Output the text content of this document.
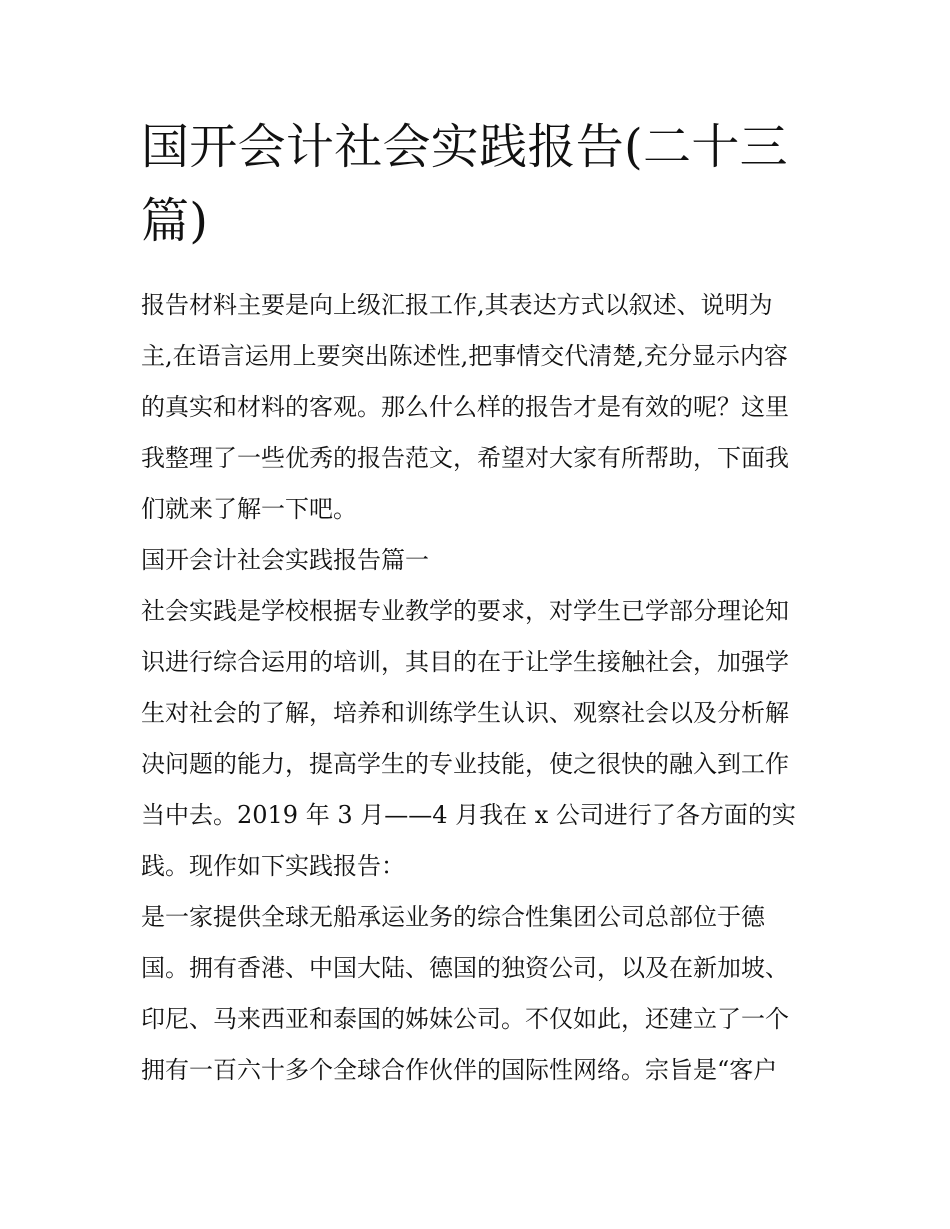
国开会计社会实践报告(二十三
篇)
报告材料主要是向上级汇报工作,其表达方式以叙述、说明为
主,在语言运用上要突出陈述性,把事情交代清楚,充分显示内容
的真实和材料的客观。那么什么样的报告才是有效的呢？这里
我整理了一些优秀的报告范文，希望对大家有所帮助，下面我
们就来了解一下吧。
国开会计社会实践报告篇一
社会实践是学校根据专业教学的要求，对学生已学部分理论知
识进行综合运用的培训，其目的在于让学生接触社会，加强学
生对社会的了解，培养和训练学生认识、观察社会以及分析解
决问题的能力，提高学生的专业技能，使之很快的融入到工作
当中去。2019 年 3 月——4 月我在 x 公司进行了各方面的实
践。现作如下实践报告：
是一家提供全球无船承运业务的综合性集团公司总部位于德
国。拥有香港、中国大陆、德国的独资公司，以及在新加坡、
印尼、马来西亚和泰国的姊妹公司。不仅如此，还建立了一个
拥有一百六十多个全球合作伙伴的国际性网络。宗旨是“客户
